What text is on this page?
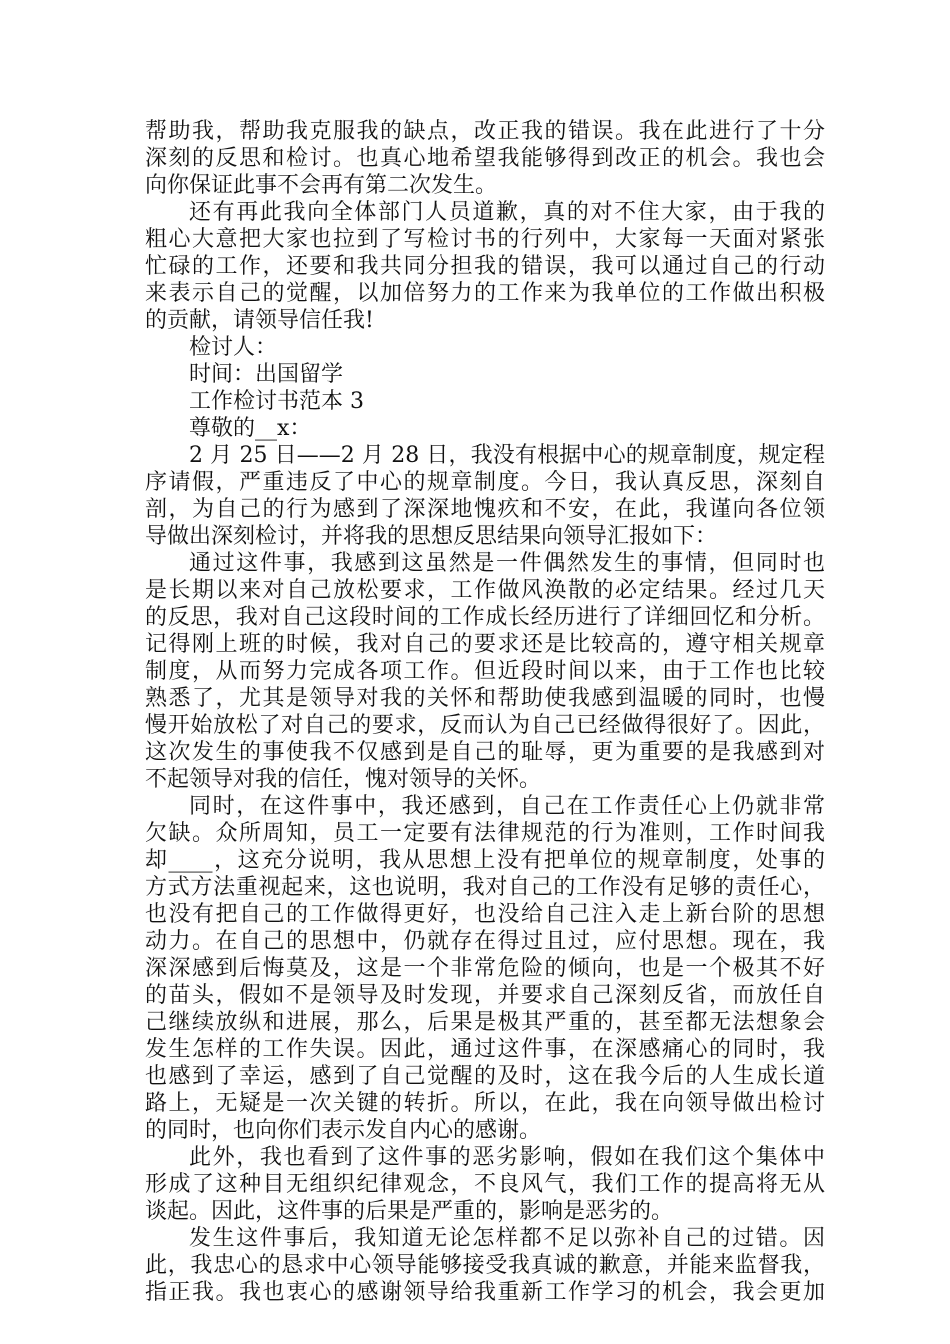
帮助我，帮助我克服我的缺点，改正我的错误。我在此进行了十分
深刻的反思和检讨。也真心地希望我能够得到改正的机会。我也会
向你保证此事不会再有第二次发生。
还有再此我向全体部门人员道歉，真的对不住大家，由于我的
粗心大意把大家也拉到了写检讨书的行列中，大家每一天面对紧张
忙碌的工作，还要和我共同分担我的错误，我可以通过自己的行动
来表示自己的觉醒，以加倍努力的工作来为我单位的工作做出积极
的贡献，请领导信任我!
检讨人：
时间：出国留学
工作检讨书范本 3
尊敬的__x：
2 月 25 日——2 月 28 日，我没有根据中心的规章制度，规定程
序请假，严重违反了中心的规章制度。今日，我认真反思，深刻自
剖，为自己的行为感到了深深地愧疚和不安，在此，我谨向各位领
导做出深刻检讨，并将我的思想反思结果向领导汇报如下：
通过这件事，我感到这虽然是一件偶然发生的事情，但同时也
是长期以来对自己放松要求，工作做风涣散的必定结果。经过几天
的反思，我对自己这段时间的工作成长经历进行了详细回忆和分析。
记得刚上班的时候，我对自己的要求还是比较高的，遵守相关规章
制度，从而努力完成各项工作。但近段时间以来，由于工作也比较
熟悉了，尤其是领导对我的关怀和帮助使我感到温暖的同时，也慢
慢开始放松了对自己的要求，反而认为自己已经做得很好了。因此，
这次发生的事使我不仅感到是自己的耻辱，更为重要的是我感到对
不起领导对我的信任，愧对领导的关怀。
同时，在这件事中，我还感到，自己在工作责任心上仍就非常
欠缺。众所周知，员工一定要有法律规范的行为准则，工作时间我
却____，这充分说明，我从思想上没有把单位的规章制度，处事的
方式方法重视起来，这也说明，我对自己的工作没有足够的责任心，
也没有把自己的工作做得更好，也没给自己注入走上新台阶的思想
动力。在自己的思想中，仍就存在得过且过，应付思想。现在，我
深深感到后悔莫及，这是一个非常危险的倾向，也是一个极其不好
的苗头，假如不是领导及时发现，并要求自己深刻反省，而放任自
己继续放纵和进展，那么，后果是极其严重的，甚至都无法想象会
发生怎样的工作失误。因此，通过这件事，在深感痛心的同时，我
也感到了幸运，感到了自己觉醒的及时，这在我今后的人生成长道
路上，无疑是一次关键的转折。所以，在此，我在向领导做出检讨
的同时，也向你们表示发自内心的感谢。
此外，我也看到了这件事的恶劣影响，假如在我们这个集体中
形成了这种目无组织纪律观念，不良风气，我们工作的提高将无从
谈起。因此，这件事的后果是严重的，影响是恶劣的。
发生这件事后，我知道无论怎样都不足以弥补自己的过错。因
此，我忠心的恳求中心领导能够接受我真诚的歉意，并能来监督我，
指正我。我也衷心的感谢领导给我重新工作学习的机会，我会更加
